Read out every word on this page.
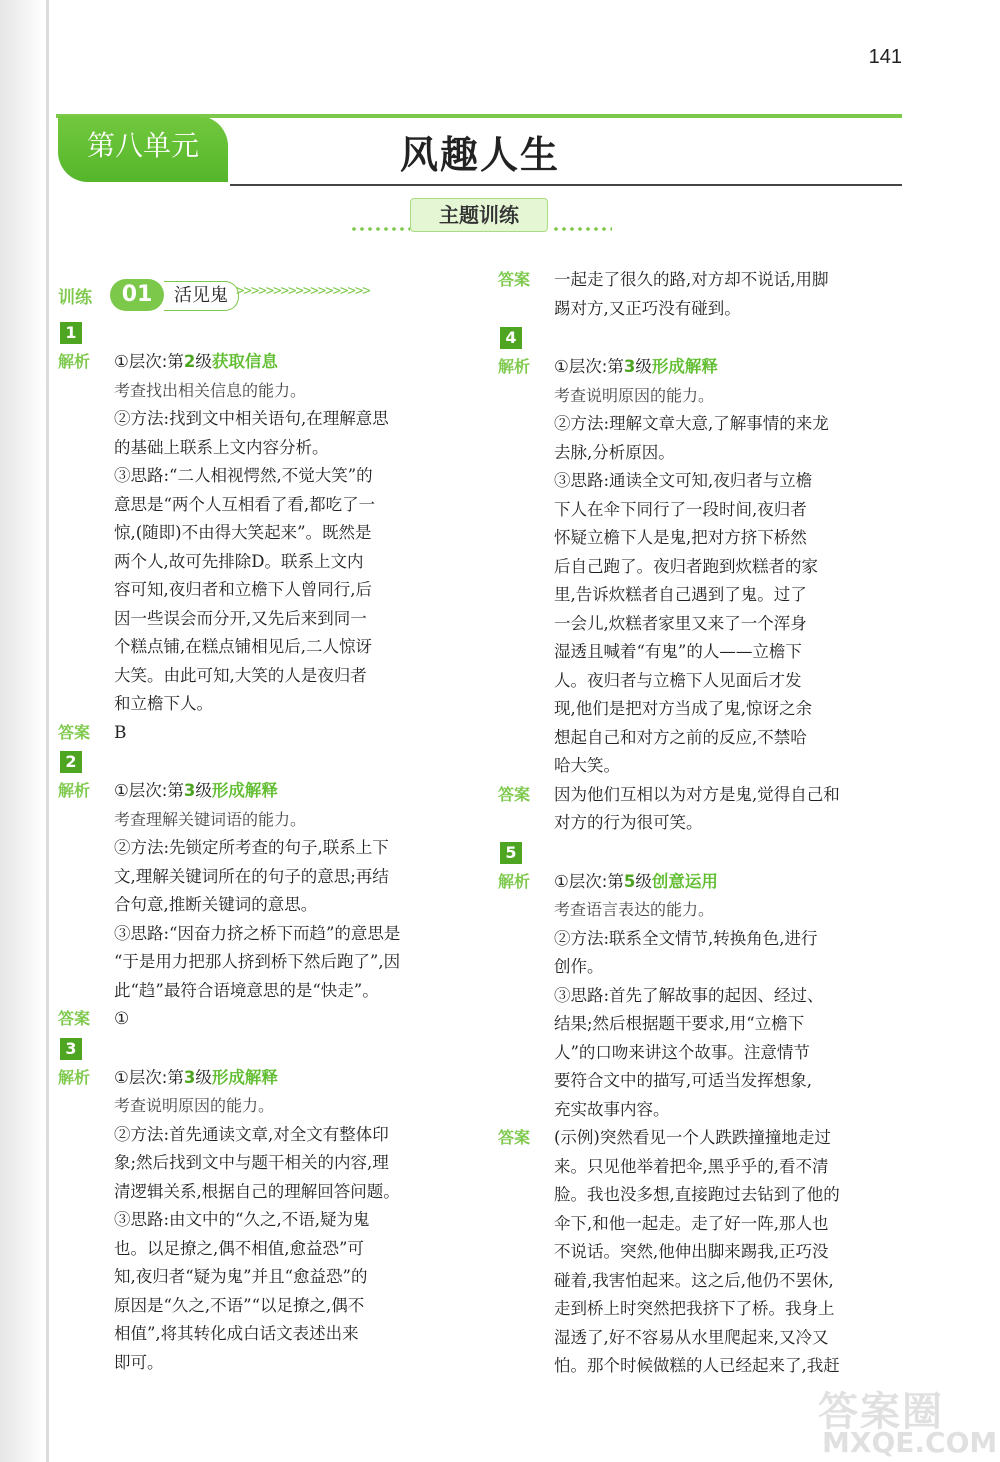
141
第八单元	风趣人生
主题训练
训练	01	活见鬼 >>>>>>>>>>>>>>>>>>
1
解析 ①层次:第2级获取信息
考查找出相关信息的能力。
②方法:找到文中相关语句,在理解意思
的基础上联系上文内容分析。
③思路:“二人相视愕然,不觉大笑”的
意思是“两个人互相看了看,都吃了一
惊,(随即)不由得大笑起来”。既然是
两个人,故可先排除D。联系上文内
容可知,夜归者和立檐下人曾同行,后
因一些误会而分开,又先后来到同一
个糕点铺,在糕点铺相见后,二人惊讶
大笑。由此可知,大笑的人是夜归者
和立檐下人。
答案 B
2
解析 ①层次:第3级形成解释
考查理解关键词语的能力。
②方法:先锁定所考查的句子,联系上下
文,理解关键词所在的句子的意思;再结
合句意,推断关键词的意思。
③思路:“因奋力挤之桥下而趋”的意思是
“于是用力把那人挤到桥下然后跑了”,因
此“趋”最符合语境意思的是“快走”。
答案 ①
3
解析 ①层次:第3级形成解释
考查说明原因的能力。
②方法:首先通读文章,对全文有整体印
象;然后找到文中与题干相关的内容,理
清逻辑关系,根据自己的理解回答问题。
③思路:由文中的“久之,不语,疑为鬼
也。以足撩之,偶不相值,愈益恐”可
知,夜归者“疑为鬼”并且“愈益恐”的
原因是“久之,不语”“以足撩之,偶不
相值”,将其转化成白话文表述出来
即可。
答案 一起走了很久的路,对方却不说话,用脚
踢对方,又正巧没有碰到。
4
解析 ①层次:第3级形成解释
考查说明原因的能力。
②方法:理解文章大意,了解事情的来龙
去脉,分析原因。
③思路:通读全文可知,夜归者与立檐
下人在伞下同行了一段时间,夜归者
怀疑立檐下人是鬼,把对方挤下桥然
后自己跑了。夜归者跑到炊糕者的家
里,告诉炊糕者自己遇到了鬼。过了
一会儿,炊糕者家里又来了一个浑身
湿透且喊着“有鬼”的人——立檐下
人。夜归者与立檐下人见面后才发
现,他们是把对方当成了鬼,惊讶之余
想起自己和对方之前的反应,不禁哈
哈大笑。
答案 因为他们互相以为对方是鬼,觉得自己和
对方的行为很可笑。
5
解析 ①层次:第5级创意运用
考查语言表达的能力。
②方法:联系全文情节,转换角色,进行
创作。
③思路:首先了解故事的起因、经过、
结果;然后根据题干要求,用“立檐下
人”的口吻来讲这个故事。注意情节
要符合文中的描写,可适当发挥想象,
充实故事内容。
答案 (示例)突然看见一个人跌跌撞撞地走过
来。只见他举着把伞,黑乎乎的,看不清
脸。我也没多想,直接跑过去钻到了他的
伞下,和他一起走。走了好一阵,那人也
不说话。突然,他伸出脚来踢我,正巧没
碰着,我害怕起来。这之后,他仍不罢休,
走到桥上时突然把我挤下了桥。我身上
湿透了,好不容易从水里爬起来,又冷又
怕。那个时候做糕的人已经起来了,我赶
答案圈
MXQE.COM
